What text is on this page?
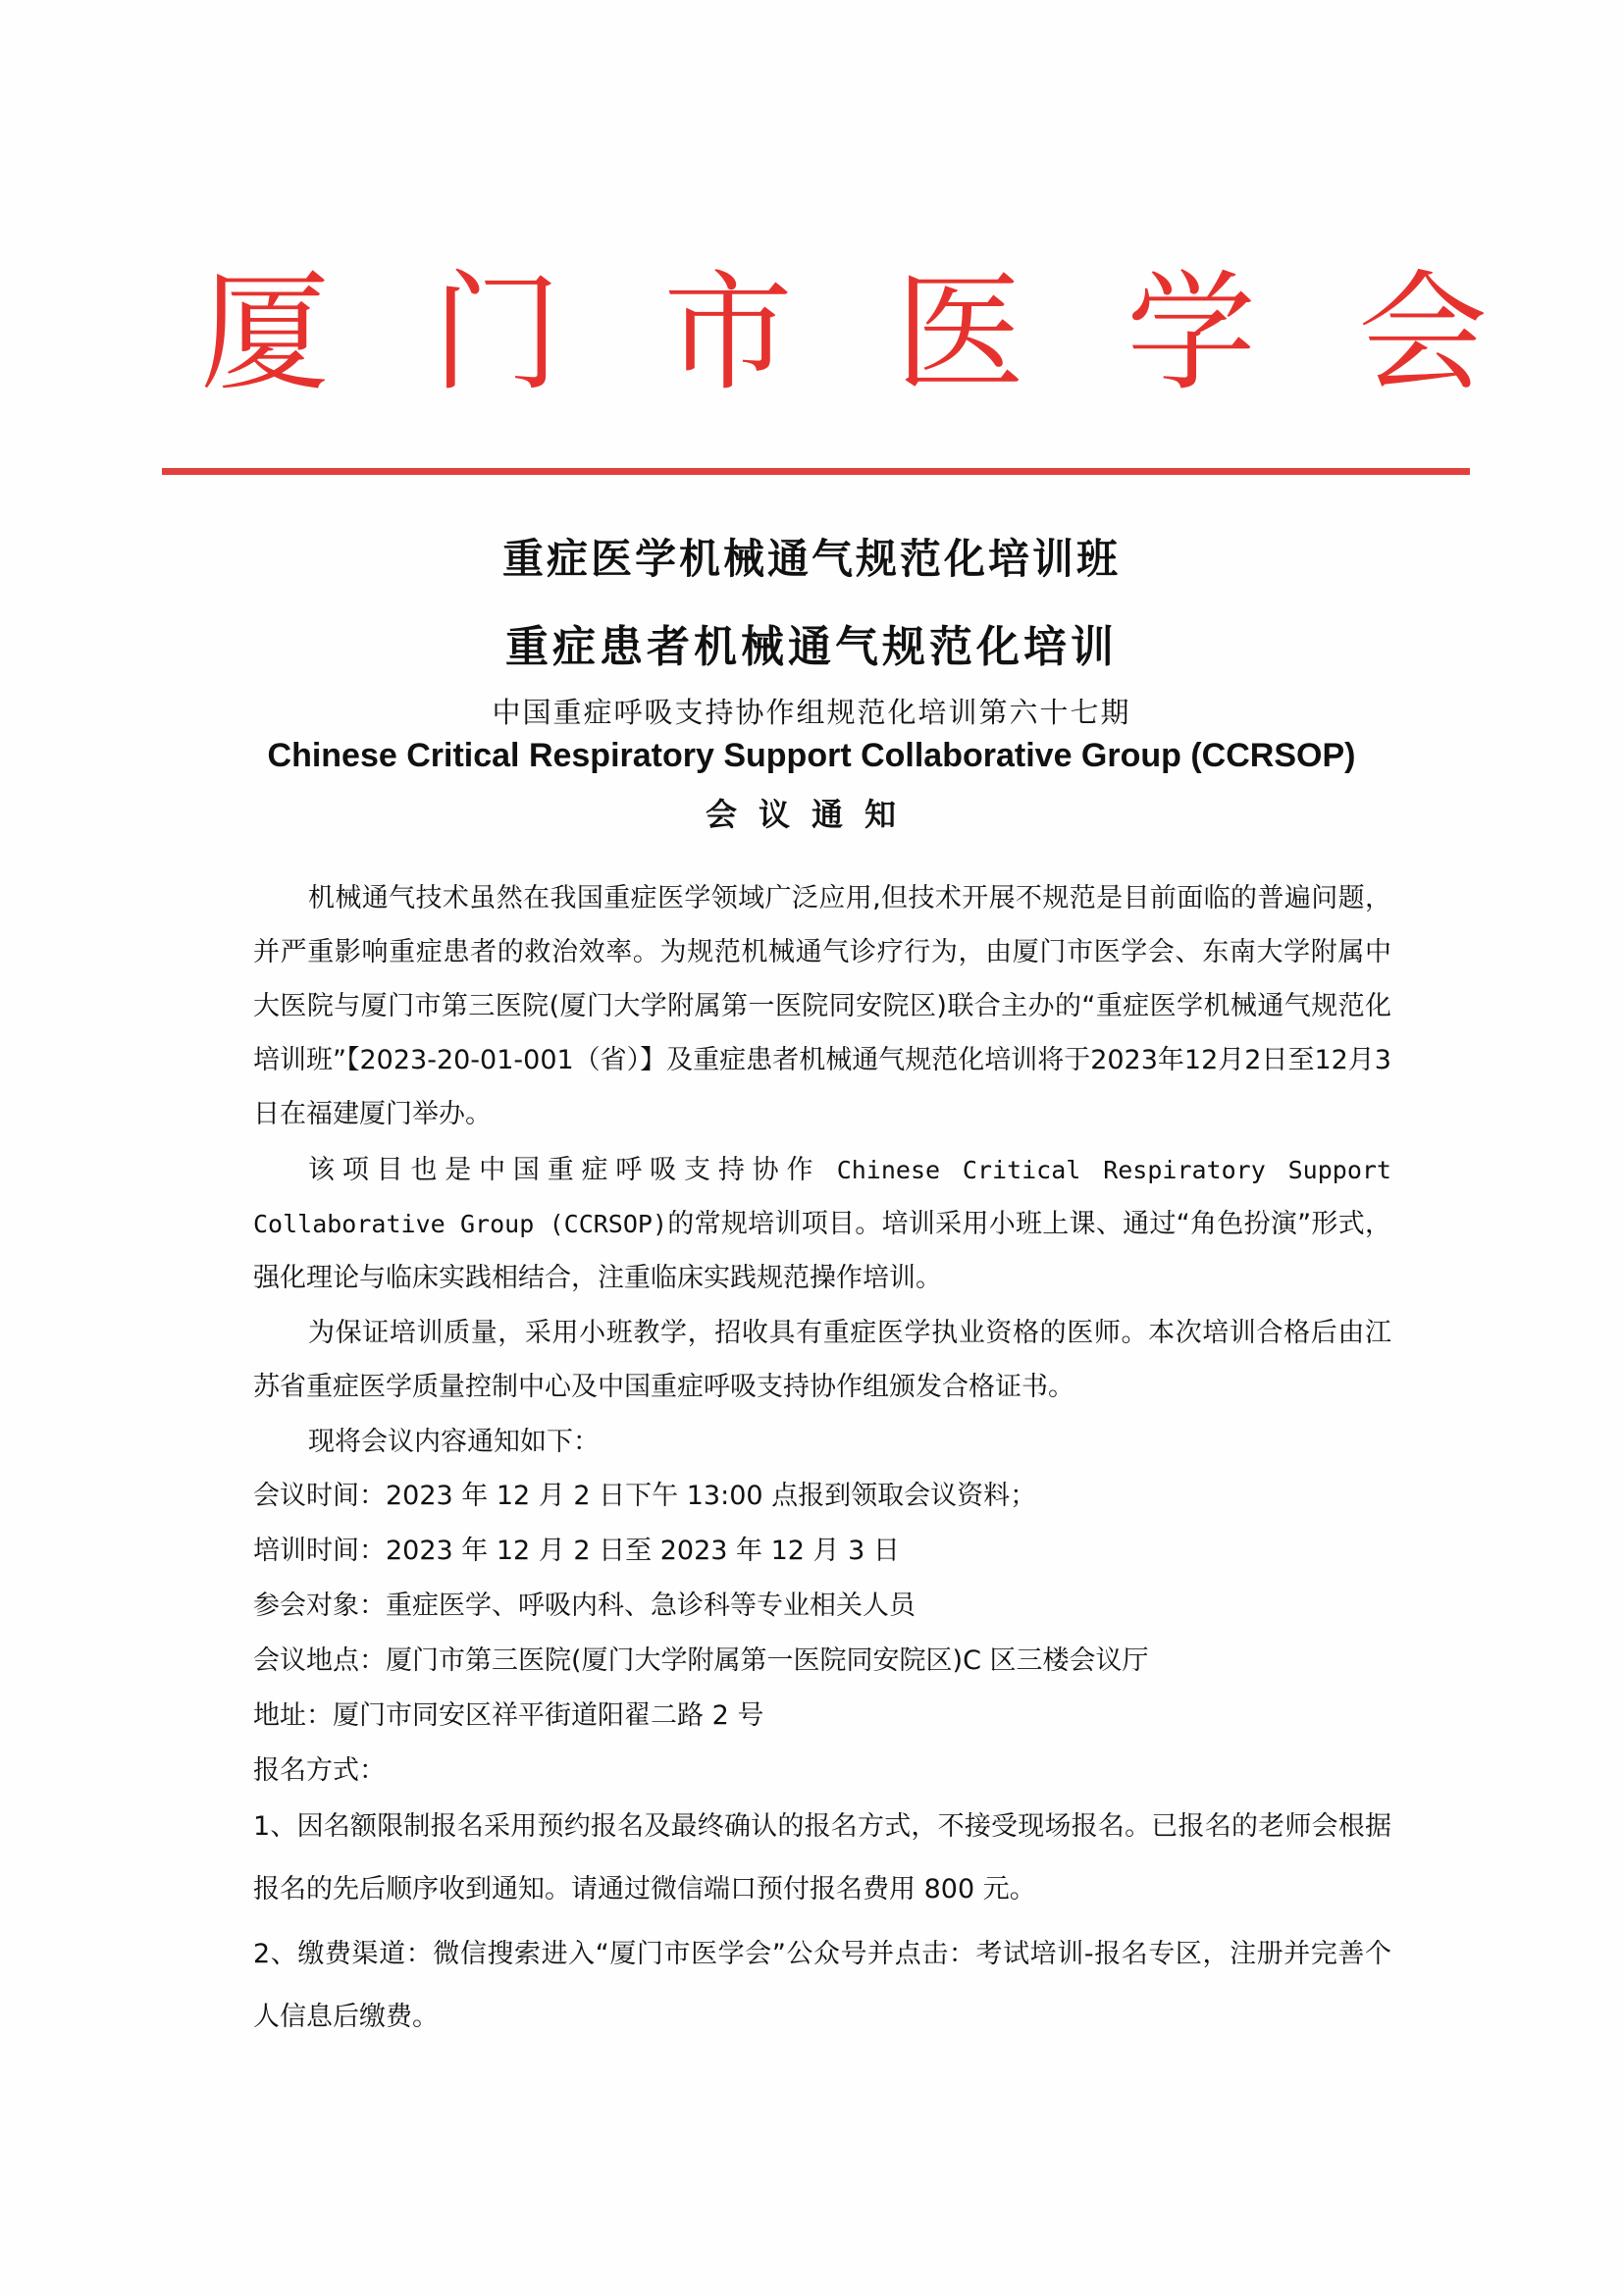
厦 门 市 医 学 会
重症医学机械通气规范化培训班
重症患者机械通气规范化培训
中国重症呼吸支持协作组规范化培训第六十七期
Chinese Critical Respiratory Support Collaborative Group (CCRSOP)
会议通知

机械通气技术虽然在我国重症医学领域广泛应用,但技术开展不规范是目前面临的普遍问题，并严重影响重症患者的救治效率。为规范机械通气诊疗行为，由厦门市医学会、东南大学附属中大医院与厦门市第三医院(厦门大学附属第一医院同安院区)联合主办的“重症医学机械通气规范化培训班”【2023-20-01-001（省）】及重症患者机械通气规范化培训将于2023年12月2日至12月3日在福建厦门举办。

该项目也是中国重症呼吸支持协作 Chinese Critical Respiratory Support Collaborative Group (CCRSOP)的常规培训项目。培训采用小班上课、通过“角色扮演”形式， 强化理论与临床实践相结合，注重临床实践规范操作培训。

为保证培训质量，采用小班教学，招收具有重症医学执业资格的医师。本次培训合格后由江苏省重症医学质量控制中心及中国重症呼吸支持协作组颁发合格证书。

现将会议内容通知如下：

会议时间：2023 年 12 月 2 日下午 13:00 点报到领取会议资料；
培训时间：2023 年 12 月 2 日至 2023 年 12 月 3 日
参会对象：重症医学、呼吸内科、急诊科等专业相关人员
会议地点：厦门市第三医院(厦门大学附属第一医院同安院区)C 区三楼会议厅
地址：厦门市同安区祥平街道阳翟二路 2 号
报名方式：
1、因名额限制报名采用预约报名及最终确认的报名方式，不接受现场报名。已报名的老师会根据报名的先后顺序收到通知。请通过微信端口预付报名费用 800 元。
2、缴费渠道：微信搜索进入“厦门市医学会”公众号并点击：考试培训-报名专区，注册并完善个人信息后缴费。
